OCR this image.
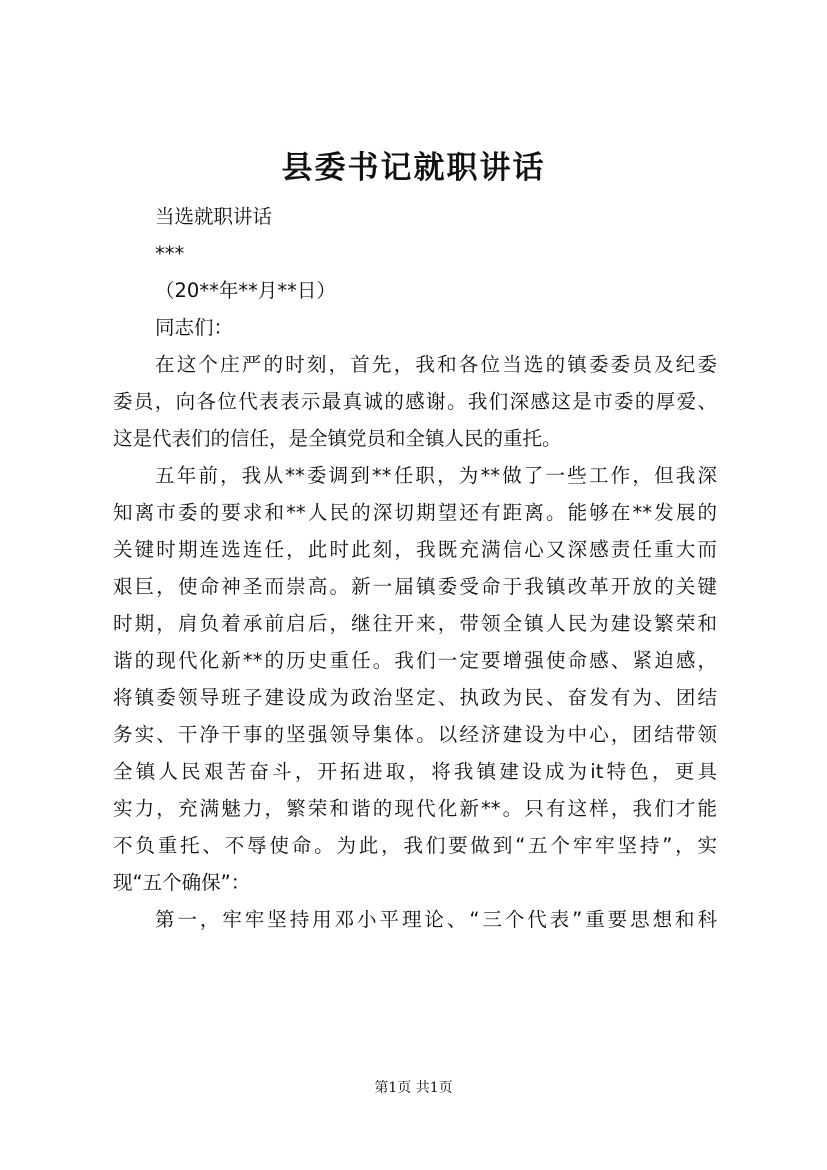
县委书记就职讲话
当选就职讲话
***
（20**年**月**日）
同志们：
在这个庄严的时刻，首先，我和各位当选的镇委委员及纪委
委员，向各位代表表示最真诚的感谢。我们深感这是市委的厚爱、
这是代表们的信任，是全镇党员和全镇人民的重托。
五年前，我从**委调到**任职，为**做了一些工作，但我深
知离市委的要求和**人民的深切期望还有距离。能够在**发展的
关键时期连选连任，此时此刻，我既充满信心又深感责任重大而
艰巨，使命神圣而崇高。新一届镇委受命于我镇改革开放的关键
时期，肩负着承前启后，继往开来，带领全镇人民为建设繁荣和
谐的现代化新**的历史重任。我们一定要增强使命感、紧迫感，
将镇委领导班子建设成为政治坚定、执政为民、奋发有为、团结
务实、干净干事的坚强领导集体。以经济建设为中心，团结带领
全镇人民艰苦奋斗，开拓进取，将我镇建设成为it特色，更具
实力，充满魅力，繁荣和谐的现代化新**。只有这样，我们才能
不负重托、不辱使命。为此，我们要做到“五个牢牢坚持”，实
现“五个确保”：
第一，牢牢坚持用邓小平理论、“三个代表”重要思想和科
第1页 共1页
